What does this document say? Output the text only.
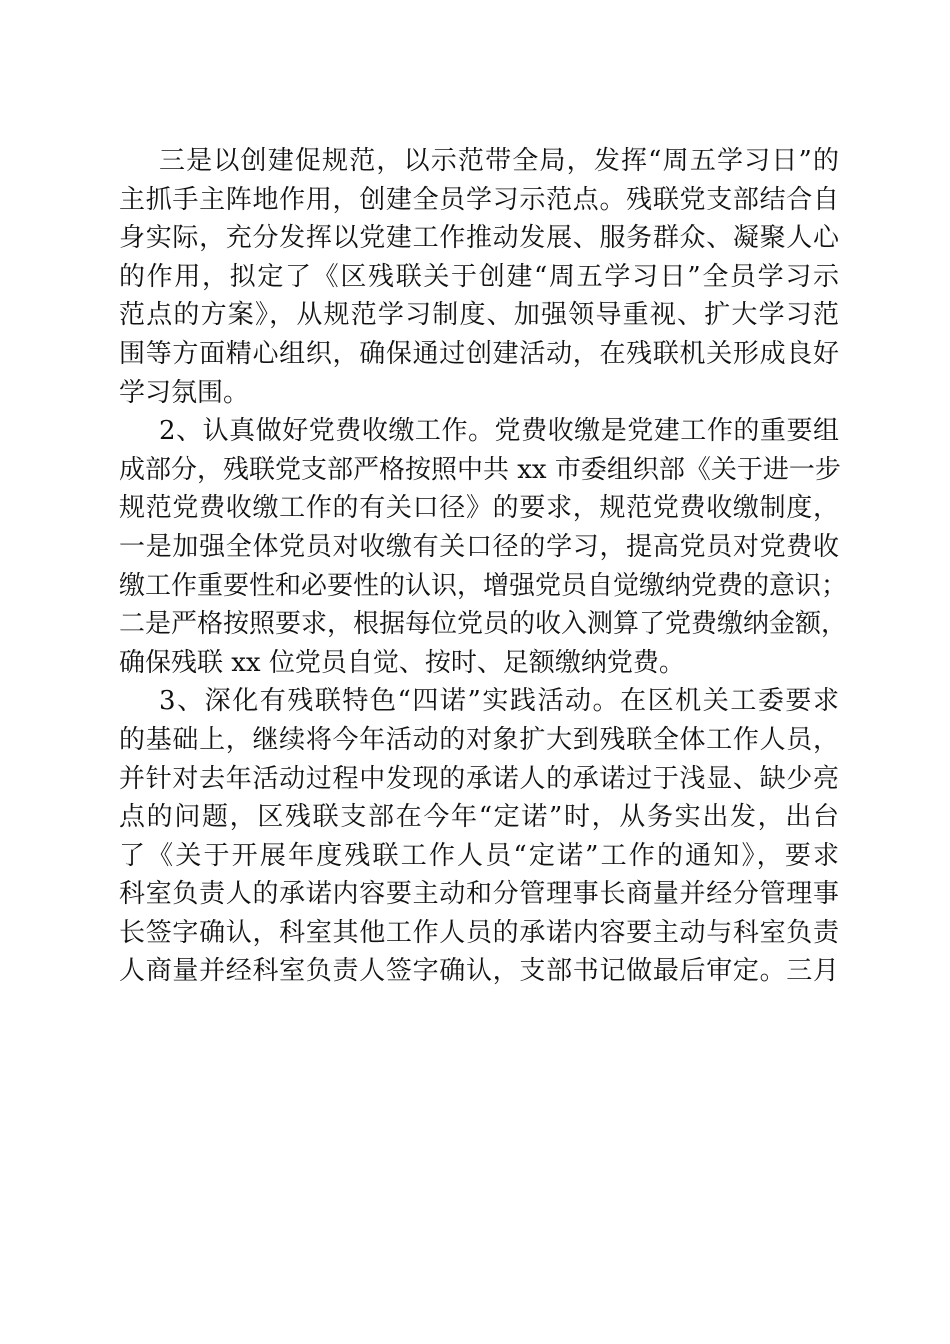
三是以创建促规范，以示范带全局，发挥“周五学习日”的
主抓手主阵地作用，创建全员学习示范点。残联党支部结合自
身实际，充分发挥以党建工作推动发展、服务群众、凝聚人心
的作用，拟定了《区残联关于创建“周五学习日”全员学习示
范点的方案》，从规范学习制度、加强领导重视、扩大学习范
围等方面精心组织，确保通过创建活动，在残联机关形成良好
学习氛围。
2、认真做好党费收缴工作。党费收缴是党建工作的重要组
成部分，残联党支部严格按照中共 xx 市委组织部《关于进一步
规范党费收缴工作的有关口径》的要求，规范党费收缴制度，
一是加强全体党员对收缴有关口径的学习，提高党员对党费收
缴工作重要性和必要性的认识，增强党员自觉缴纳党费的意识；
二是严格按照要求，根据每位党员的收入测算了党费缴纳金额，
确保残联 xx 位党员自觉、按时、足额缴纳党费。
3、深化有残联特色“四诺”实践活动。在区机关工委要求
的基础上，继续将今年活动的对象扩大到残联全体工作人员，
并针对去年活动过程中发现的承诺人的承诺过于浅显、缺少亮
点的问题，区残联支部在今年“定诺”时，从务实出发，出台
了《关于开展年度残联工作人员“定诺”工作的通知》，要求
科室负责人的承诺内容要主动和分管理事长商量并经分管理事
长签字确认，科室其他工作人员的承诺内容要主动与科室负责
人商量并经科室负责人签字确认，支部书记做最后审定。三月
